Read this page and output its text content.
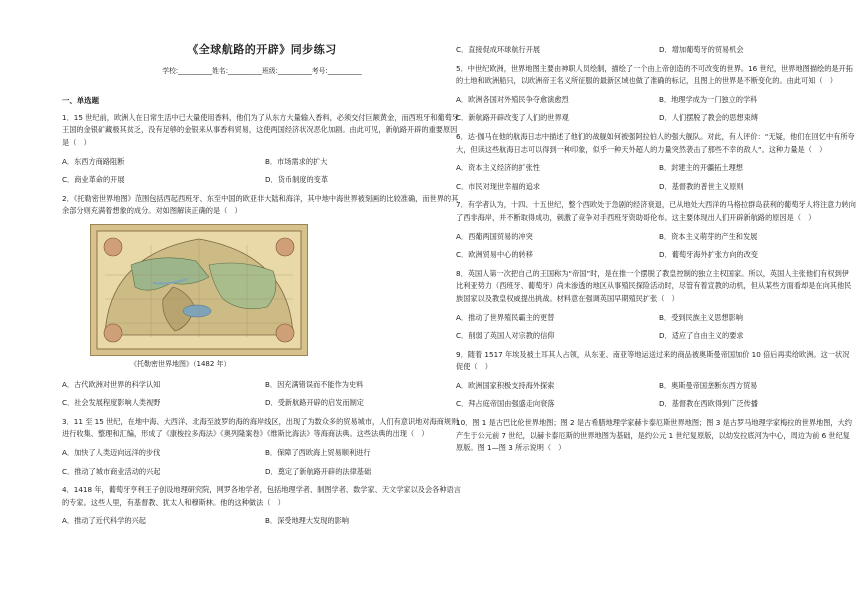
《全球航路的开辟》同步练习
学校:__________姓名:__________班级:__________考号:__________
一、单选题

1．15 世纪前，欧洲人在日常生活中已大量使用香料，他们为了从东方大量输入香料，必须交付巨额黄金，而西班牙和葡萄牙王国的金银矿藏极其贫乏，没有足够的金银来从事香料贸易，这使两国经济状况恶化加剧。由此可见，新航路开辟的重要原因是（　）

A．东西方商路阻断	B．市场需求的扩大
C．商业革命的开展	D．货币制度的变革

2．《托勒密世界地图》范围包括西起西班牙、东至中国的欧亚非大陆和海洋，其中地中海世界被刻画的比较准确，而世界的其余部分则充满着想象的成分。对如图解读正确的是（　）

《托勒密世界地图》（1482 年）
A．古代欧洲对世界的科学认知	B．因充满错误而不能作为史料
C．社会发展程度影响人类视野	D．受新航路开辟的启发而制定

3．11 至 15 世纪，在地中海、大西洋、北海至波罗的海的海岸线区，出现了为数众多的贸易城市，人们有意识地对海商规则进行收集、整理和汇编，形成了《康梭拉多海法》《奥列隆案卷》《维斯比海法》等海商法典。这些法典的出现（　）

A．加快了人类迈向远洋的步伐	B．保障了西欧海上贸易顺利进行
C．推动了城市商业活动的兴起	D．奠定了新航路开辟的法律基础

4．1418 年，葡萄牙亨利王子创设地理研究院，网罗各地学者，包括地理学者、制图学者、数学家、天文学家以及会各种语言的专家。这些人里，有基督教、犹太人和穆斯林。他的这种做法（　）

A．推动了近代科学的兴起	B．深受地理大发现的影响
C．直接促成环球航行开展	D．增加葡萄牙的贸易机会

5．中世纪欧洲，世界地图主要由神职人员绘制，描绘了一个由上帝创造的不可改变的世界。16 世纪，世界地图描绘的是开拓的土地和欧洲船只，以欧洲帝王名义所征服的最新区域也做了准确的标记，且图上的世界是不断变化的。由此可知（　）

A．欧洲各国对外殖民争夺愈演愈烈	B．地理学成为一门独立的学科
C．新航路开辟改变了人们的世界观	D．人们摆脱了教会的思想束缚

6．达·伽马在他的航海日志中描述了他们的战舰如何被强阿拉伯人的强大舰队。对此，有人评价：“无疑，他们在回忆中有所夸大，但读这些航海日志可以得到一种印象，似乎一种天外超人的力量突然袭击了那些不幸的敌人”。这种力量是（　）

A．资本主义经济的扩张性	B．封建主的开疆拓土理想
C．市民对现世幸福的追求	D．基督教的普世主义原则

7．有学者认为，十四、十五世纪，整个西欧处于急剧的经济衰退，已从地处大西洋的马格拉群岛获利的葡萄牙人将注意力转向了西非海岸，并不断取得成功，刺激了竞争对手西班牙资助哥伦布。这主要体现出人们开辟新航路的原因是（　）

A．西葡两国贸易的冲突	B．资本主义萌芽的产生和发展
C．欧洲贸易中心的转移	D．葡萄牙海外扩张方向的改变

8．英国人第一次把自己的王国称为“帝国”时，是在推一个摆脱了教皇控制的独立主权国家。所以，英国人主张他们有权到伊比利亚势力（西班牙、葡萄牙）尚未渗透的地区从事殖民探险活动时，尽管有着宣教的动机，但从某些方面看却是在向其他民族国家以及教皇权威提出挑战。材料意在强调英国早期殖民扩张（　）

A．推动了世界殖民霸主的更替	B．受到民族主义思想影响
C．削弱了英国人对宗教的信仰	D．适应了自由主义的要求

9．随着 1517 年埃及被土耳其人占领，从东亚、南亚等地运送过来的商品被奥斯曼帝国加价 10 倍后再卖给欧洲。这一状况促使（　）

A．欧洲国家积极支持海外探索	B．奥斯曼帝国垄断东西方贸易
C．拜占庭帝国由强盛走向衰落	D．基督教在西欧得到广泛传播

10．图 1 是古巴比伦世界地图；图 2 是古希腊地理学家赫卡泰厄斯世界地图；图 3 是古罗马地理学家梅拉的世界地图，大约产生于公元前 7 世纪，以赫卡泰厄斯的世界地图为基础，是约公元 1 世纪复原版，以幼发拉底河为中心，周边为前 6 世纪复原版。图 1—图 3 所示说明（　）
